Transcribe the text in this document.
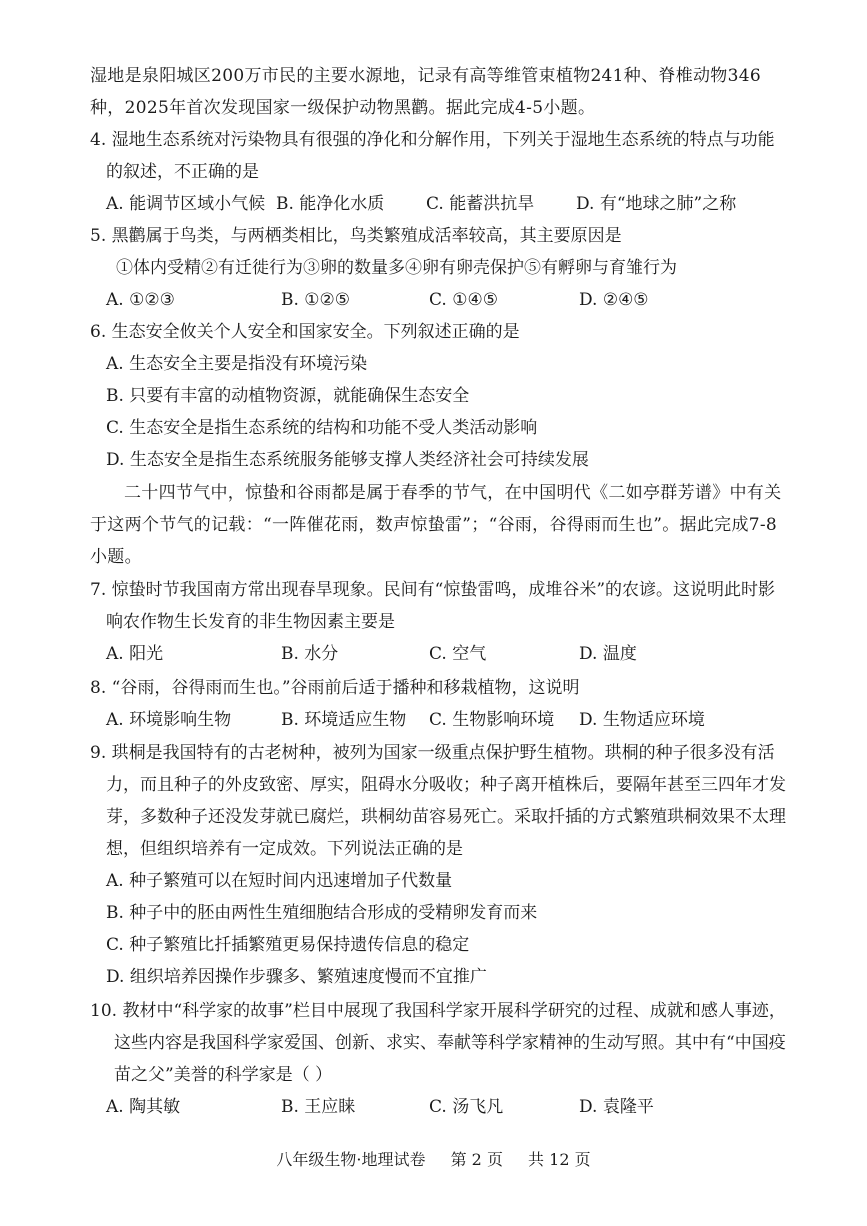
湿地是泉阳城区200万市民的主要水源地，记录有高等维管束植物241种、脊椎动物346种，2025年首次发现国家一级保护动物黑鹳。据此完成4-5小题。
4. 湿地生态系统对污染物具有很强的净化和分解作用，下列关于湿地生态系统的特点与功能的叙述，不正确的是
A. 能调节区域小气候 B. 能净化水质	C. 能蓄洪抗旱	D. 有“地球之肺”之称
5. 黑鹳属于鸟类，与两栖类相比，鸟类繁殖成活率较高，其主要原因是
①体内受精②有迁徙行为③卵的数量多④卵有卵壳保护⑤有孵卵与育雏行为
A. ①②③	B. ①②⑤	C. ①④⑤	D. ②④⑤
6. 生态安全攸关个人安全和国家安全。下列叙述正确的是
A. 生态安全主要是指没有环境污染
B. 只要有丰富的动植物资源，就能确保生态安全
C. 生态安全是指生态系统的结构和功能不受人类活动影响
D. 生态安全是指生态系统服务能够支撑人类经济社会可持续发展
二十四节气中，惊蛰和谷雨都是属于春季的节气，在中国明代《二如亭群芳谱》中有关于这两个节气的记载：“一阵催花雨，数声惊蛰雷”；“谷雨，谷得雨而生也”。据此完成7-8小题。
7. 惊蛰时节我国南方常出现春旱现象。民间有“惊蛰雷鸣，成堆谷米”的农谚。这说明此时影响农作物生长发育的非生物因素主要是
A. 阳光	B. 水分	C. 空气	D. 温度
8. “谷雨，谷得雨而生也。”谷雨前后适于播种和移栽植物，这说明
A. 环境影响生物	B. 环境适应生物	C. 生物影响环境	D. 生物适应环境
9. 珙桐是我国特有的古老树种，被列为国家一级重点保护野生植物。珙桐的种子很多没有活力，而且种子的外皮致密、厚实，阻碍水分吸收；种子离开植株后，要隔年甚至三四年才发芽，多数种子还没发芽就已腐烂，珙桐幼苗容易死亡。采取扦插的方式繁殖珙桐效果不太理想，但组织培养有一定成效。下列说法正确的是
A. 种子繁殖可以在短时间内迅速增加子代数量
B. 种子中的胚由两性生殖细胞结合形成的受精卵发育而来
C. 种子繁殖比扦插繁殖更易保持遗传信息的稳定
D. 组织培养因操作步骤多、繁殖速度慢而不宜推广
10. 教材中“科学家的故事”栏目中展现了我国科学家开展科学研究的过程、成就和感人事迹，这些内容是我国科学家爱国、创新、求实、奉献等科学家精神的生动写照。其中有“中国疫苗之父”美誉的科学家是（ ）
A. 陶其敏	B. 王应睐	C. 汤飞凡	D. 袁隆平
八年级生物·地理试卷 第 2 页 共 12 页
